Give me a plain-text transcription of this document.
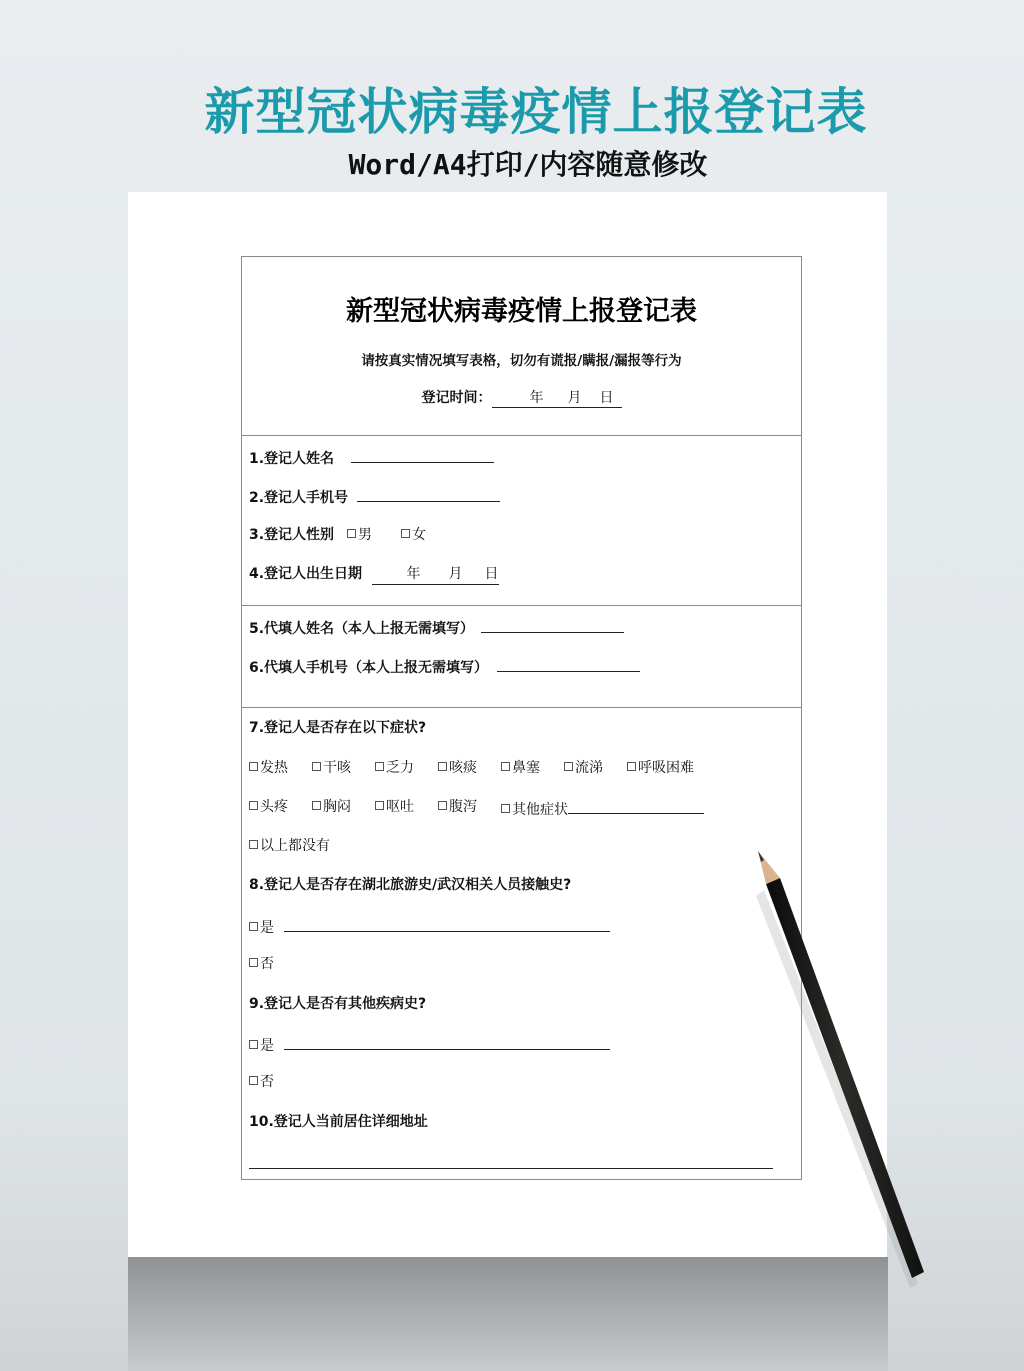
新型冠状病毒疫情上报登记表
Word/A4打印/内容随意修改
新型冠状病毒疫情上报登记表
请按真实情况填写表格，切勿有谎报/瞒报/漏报等行为
登记时间：	年 月 日
1.登记人姓名
2.登记人手机号
3.登记人性别	男	女
4.登记人出生日期	年 月 日
5.代填人姓名（本人上报无需填写）
6.代填人手机号（本人上报无需填写）
7.登记人是否存在以下症状?
发热	干咳	乏力	咳痰	鼻塞	流涕	呼吸困难
头疼	胸闷	呕吐	腹泻	其他症状
以上都没有
8.登记人是否存在湖北旅游史/武汉相关人员接触史?
是
否
9.登记人是否有其他疾病史?
是
否
10.登记人当前居住详细地址
